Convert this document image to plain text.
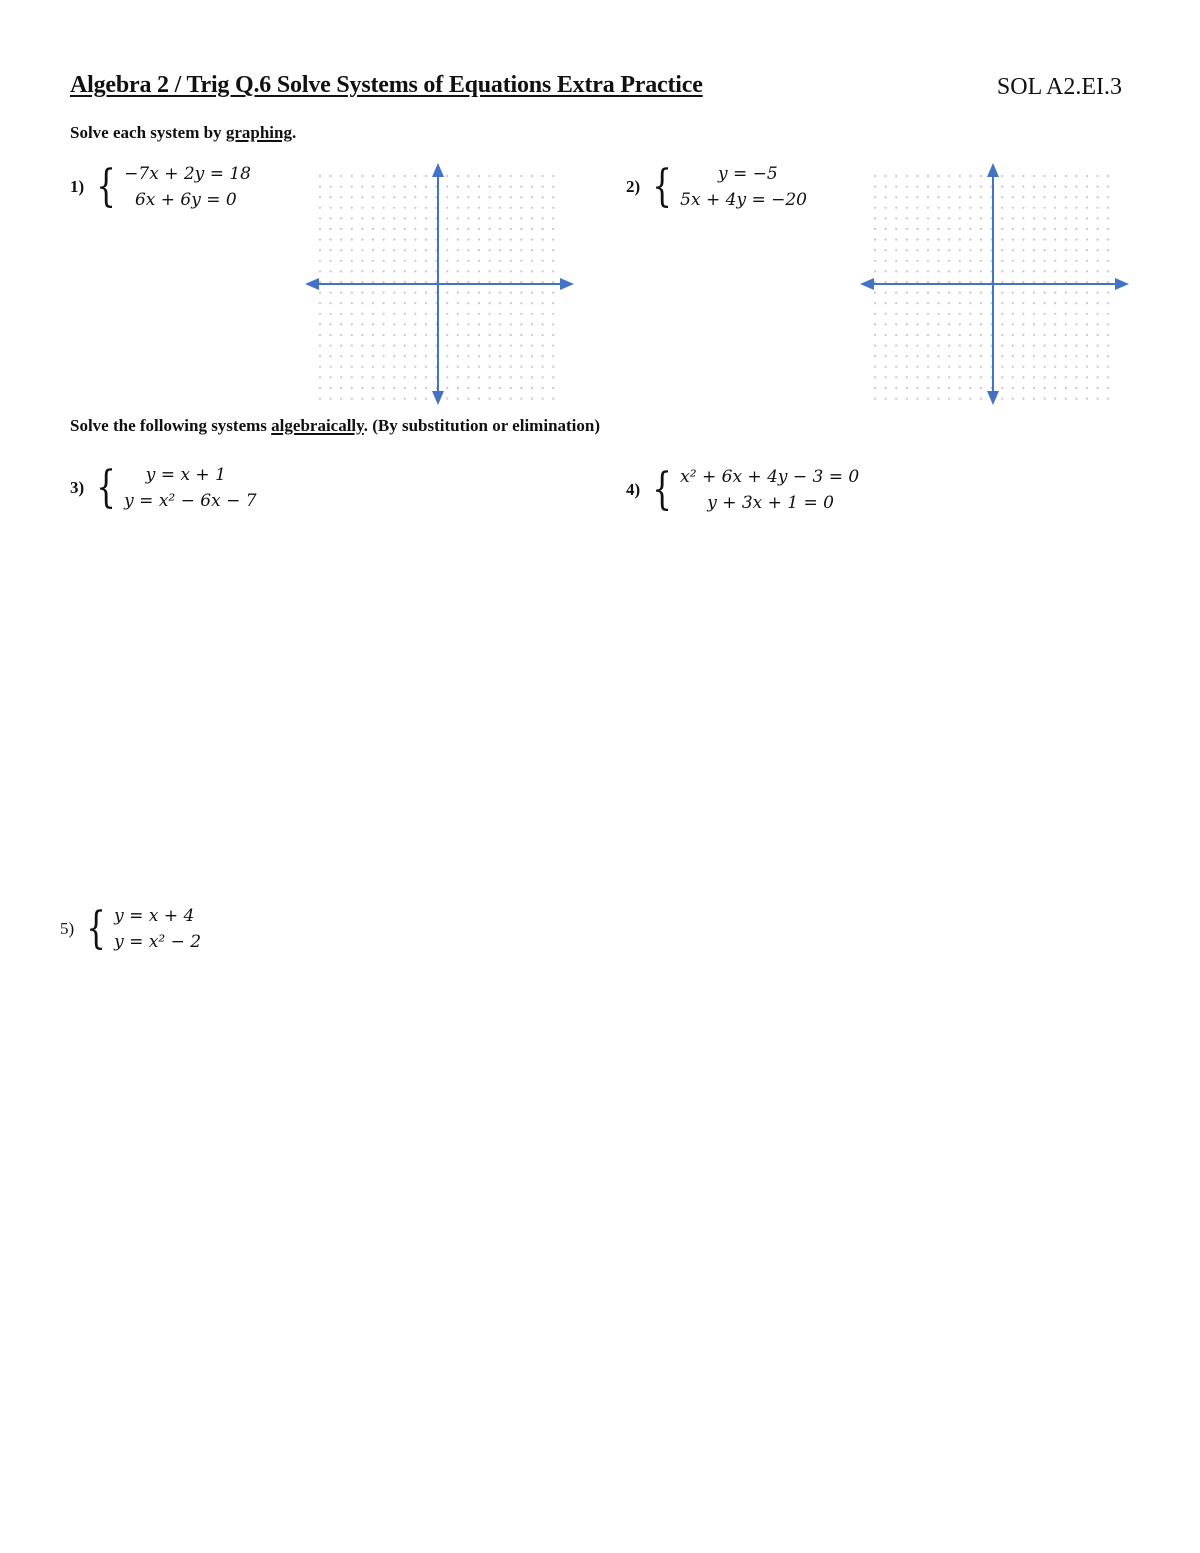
Algebra 2 / Trig Q.6 Solve Systems of Equations Extra Practice	SOL A2.EI.3
Solve each system by graphing.
1) { −7x + 2y = 18
6x + 6y = 0
2) { y = −5
5x + 4y = −20
Solve the following systems algebraically. (By substitution or elimination)
3) { y = x + 1
y = x² − 6x − 7
4) { x² + 6x + 4y − 3 = 0
y + 3x + 1 = 0
5) { y = x + 4
y = x² − 2
